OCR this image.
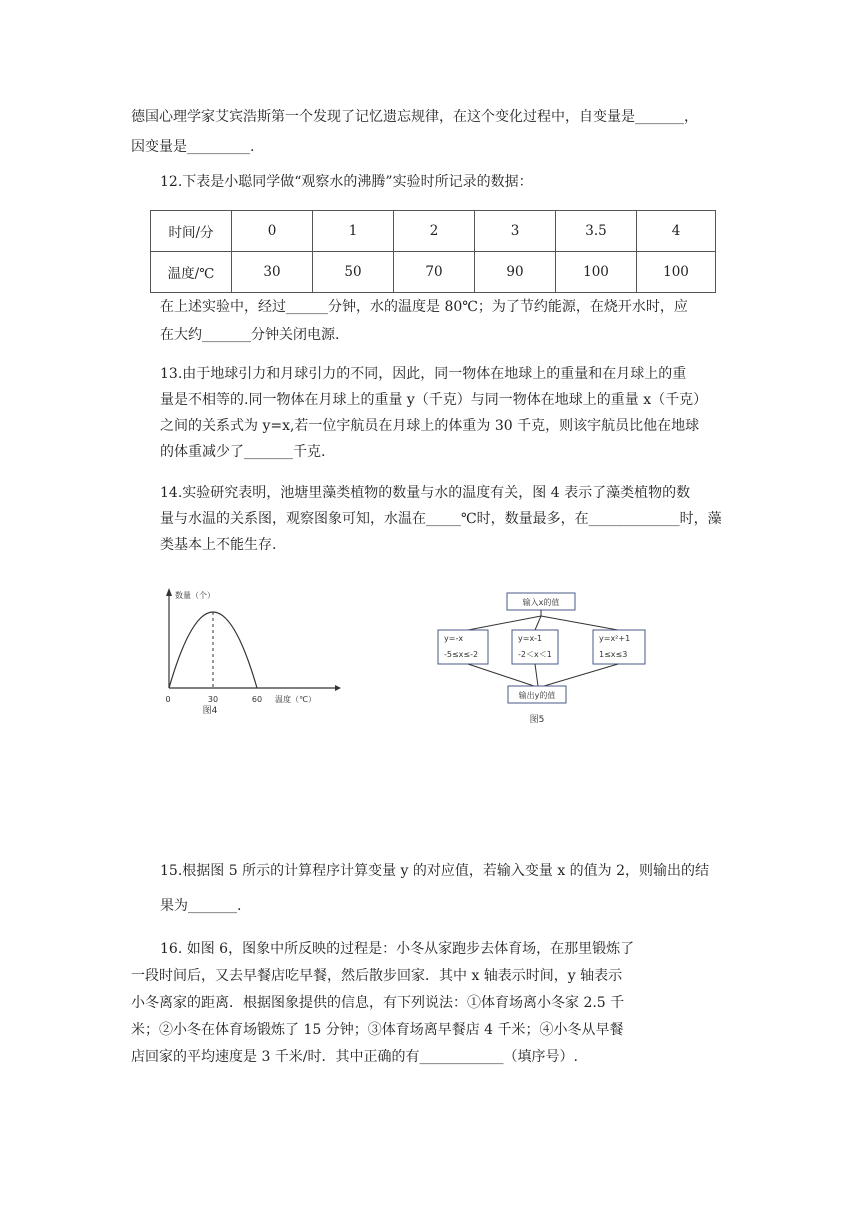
德国心理学家艾宾浩斯第一个发现了记忆遗忘规律，在这个变化过程中，自变量是_______，
因变量是_________.
12.下表是小聪同学做“观察水的沸腾”实验时所记录的数据：
时间/分	0	1	2	3	3.5	4
温度/℃	30	50	70	90	100	100
在上述实验中，经过______分钟，水的温度是 80℃；为了节约能源，在烧开水时，应
在大约_______分钟关闭电源.
13.由于地球引力和月球引力的不同，因此，同一物体在地球上的重量和在月球上的重
量是不相等的.同一物体在月球上的重量 y（千克）与同一物体在地球上的重量 x（千克）
之间的关系式为 y=x,若一位宇航员在月球上的体重为 30 千克，则该宇航员比他在地球
的体重减少了_______千克.
14.实验研究表明，池塘里藻类植物的数量与水的温度有关，图 4 表示了藻类植物的数
量与水温的关系图，观察图象可知，水温在_____℃时，数量最多，在_____________时，藻
类基本上不能生存.
数量（个）
0	30	60 温度（℃）
图4
输入x的值
y=-x
-5≤x≤-2
y=x-1
-2＜x＜1
y=x²+1
1≤x≤3
输出y的值
图5
15.根据图 5 所示的计算程序计算变量 y 的对应值，若输入变量 x 的值为 2，则输出的结
果为_______.
16. 如图 6，图象中所反映的过程是：小冬从家跑步去体育场，在那里锻炼了
一段时间后，又去早餐店吃早餐，然后散步回家．其中 x 轴表示时间，y 轴表示
小冬离家的距离．根据图象提供的信息，有下列说法：①体育场离小冬家 2.5 千
米；②小冬在体育场锻炼了 15 分钟；③体育场离早餐店 4 千米；④小冬从早餐
店回家的平均速度是 3 千米/时．其中正确的有____________（填序号）.
